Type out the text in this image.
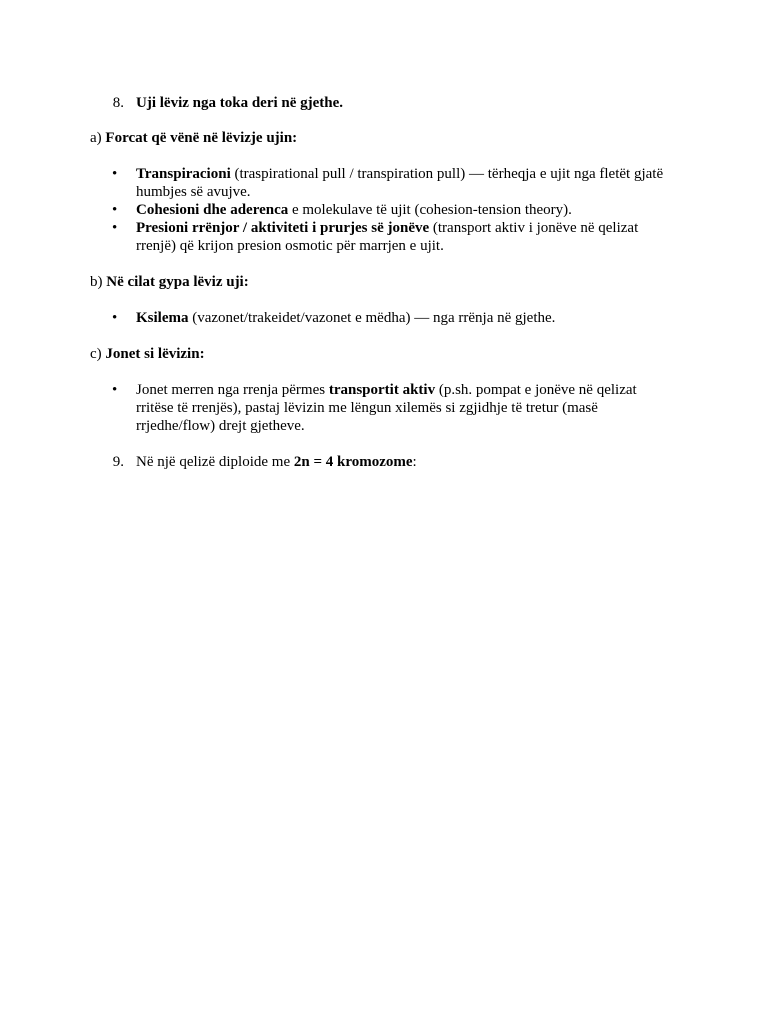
8. Uji lëviz nga toka deri në gjethe.
a) Forcat që vënë në lëvizje ujin:
• Transpiracioni (traspirational pull / transpiration pull) — tërheqja e ujit nga fletët gjatë humbjes së avujve.
• Cohesioni dhe aderenca e molekulave të ujit (cohesion-tension theory).
• Presioni rrënjor / aktiviteti i prurjes së jonëve (transport aktiv i jonëve në qelizat rrenjë) që krijon presion osmotic për marrjen e ujit.
b) Në cilat gypa lëviz uji:
• Ksilema (vazonet/trakeidet/vazonet e mëdha) — nga rrënja në gjethe.
c) Jonet si lëvizin:
• Jonet merren nga rrenja përmes transportit aktiv (p.sh. pompat e jonëve në qelizat rritëse të rrenjës), pastaj lëvizin me lëngun xilemës si zgjidhje të tretur (masë rrjedhe/flow) drejt gjetheve.
9. Në një qelizë diploide me 2n = 4 kromozome:
